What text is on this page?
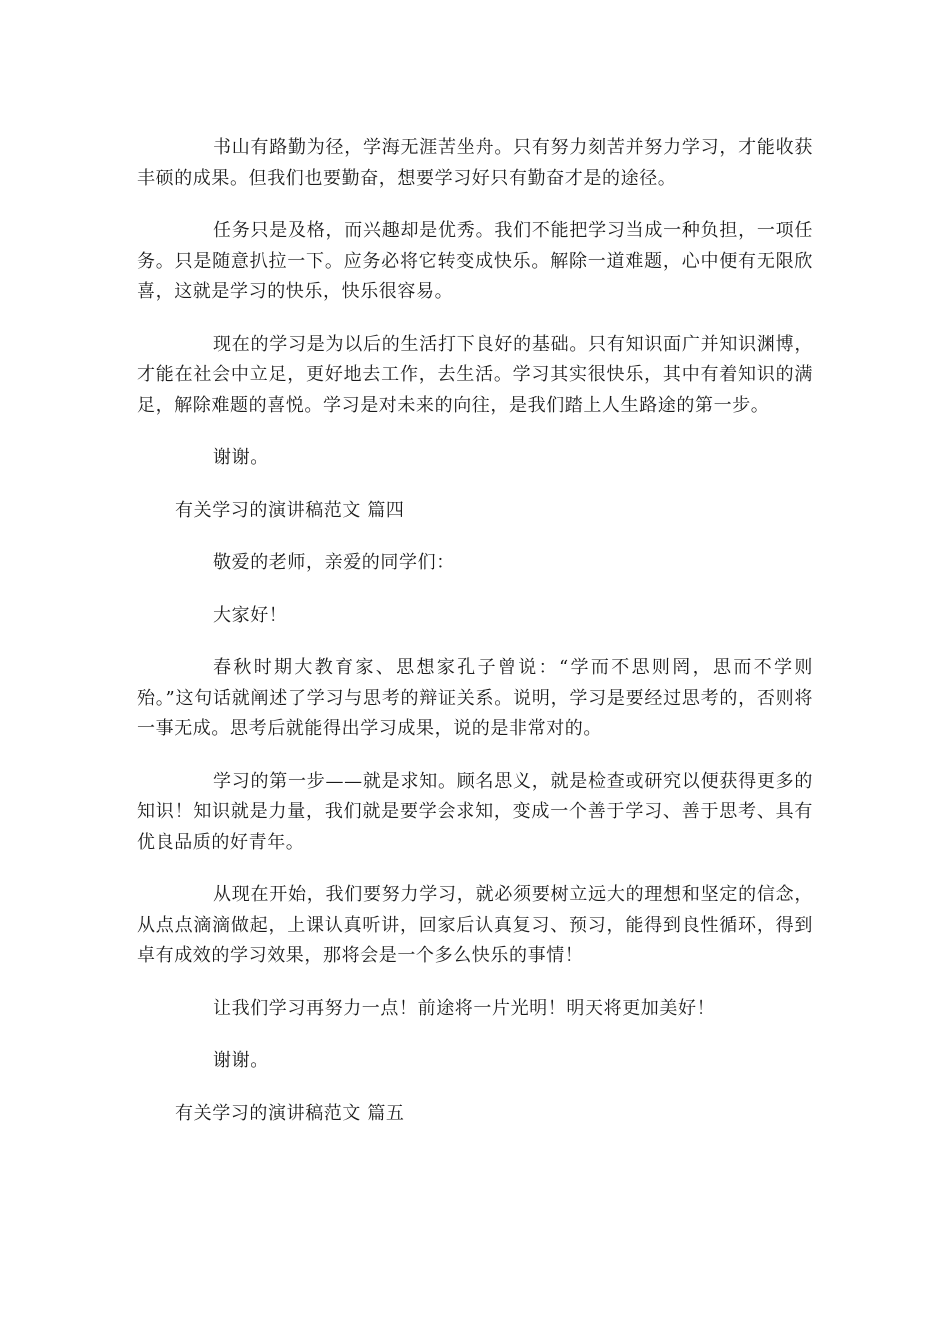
书山有路勤为径，学海无涯苦坐舟。只有努力刻苦并努力学习，才能收获丰硕的成果。但我们也要勤奋，想要学习好只有勤奋才是的途径。

任务只是及格，而兴趣却是优秀。我们不能把学习当成一种负担，一项任务。只是随意扒拉一下。应务必将它转变成快乐。解除一道难题，心中便有无限欣喜，这就是学习的快乐，快乐很容易。

现在的学习是为以后的生活打下良好的基础。只有知识面广并知识渊博，才能在社会中立足，更好地去工作，去生活。学习其实很快乐，其中有着知识的满足，解除难题的喜悦。学习是对未来的向往，是我们踏上人生路途的第一步。

谢谢。

有关学习的演讲稿范文 篇四

敬爱的老师，亲爱的同学们：

大家好！

春秋时期大教育家、思想家孔子曾说：“学而不思则罔，思而不学则殆。”这句话就阐述了学习与思考的辩证关系。说明，学习是要经过思考的，否则将一事无成。思考后就能得出学习成果，说的是非常对的。

学习的第一步——就是求知。顾名思义，就是检查或研究以便获得更多的知识！知识就是力量，我们就是要学会求知，变成一个善于学习、善于思考、具有优良品质的好青年。

从现在开始，我们要努力学习，就必须要树立远大的理想和坚定的信念，从点点滴滴做起，上课认真听讲，回家后认真复习、预习，能得到良性循环，得到卓有成效的学习效果，那将会是一个多么快乐的事情！

让我们学习再努力一点！前途将一片光明！明天将更加美好！

谢谢。

有关学习的演讲稿范文 篇五
